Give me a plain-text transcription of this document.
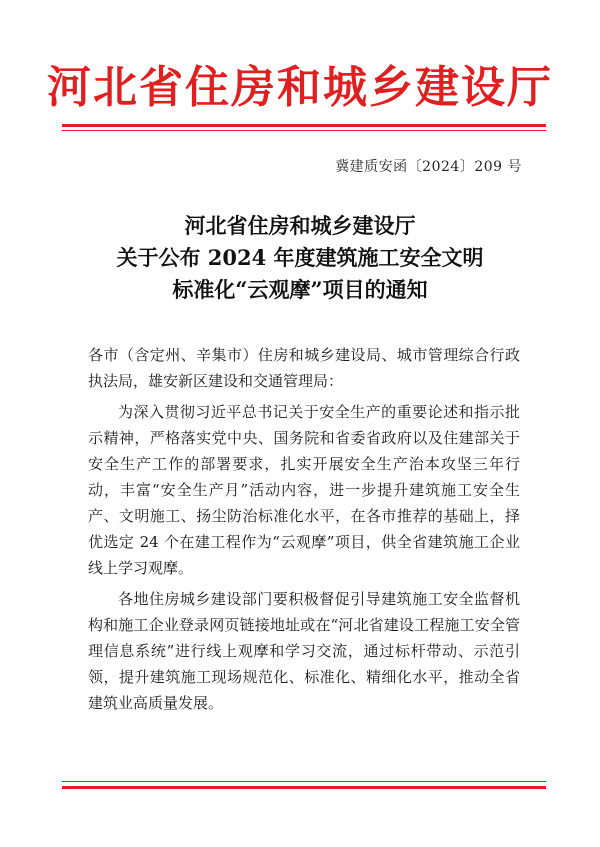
河北省住房和城乡建设厅
冀建质安函〔2024〕209 号
河北省住房和城乡建设厅
关于公布 2024 年度建筑施工安全文明
标准化“云观摩”项目的通知

各市（含定州、辛集市）住房和城乡建设局、城市管理综合行政执法局，雄安新区建设和交通管理局：

为深入贯彻习近平总书记关于安全生产的重要论述和指示批示精神，严格落实党中央、国务院和省委省政府以及住建部关于安全生产工作的部署要求，扎实开展安全生产治本攻坚三年行动，丰富“安全生产月”活动内容，进一步提升建筑施工安全生产、文明施工、扬尘防治标准化水平，在各市推荐的基础上，择优选定 24 个在建工程作为“云观摩”项目，供全省建筑施工企业线上学习观摩。

各地住房城乡建设部门要积极督促引导建筑施工安全监督机构和施工企业登录网页链接地址或在“河北省建设工程施工安全管理信息系统”进行线上观摩和学习交流，通过标杆带动、示范引领，提升建筑施工现场规范化、标准化、精细化水平，推动全省建筑业高质量发展。
